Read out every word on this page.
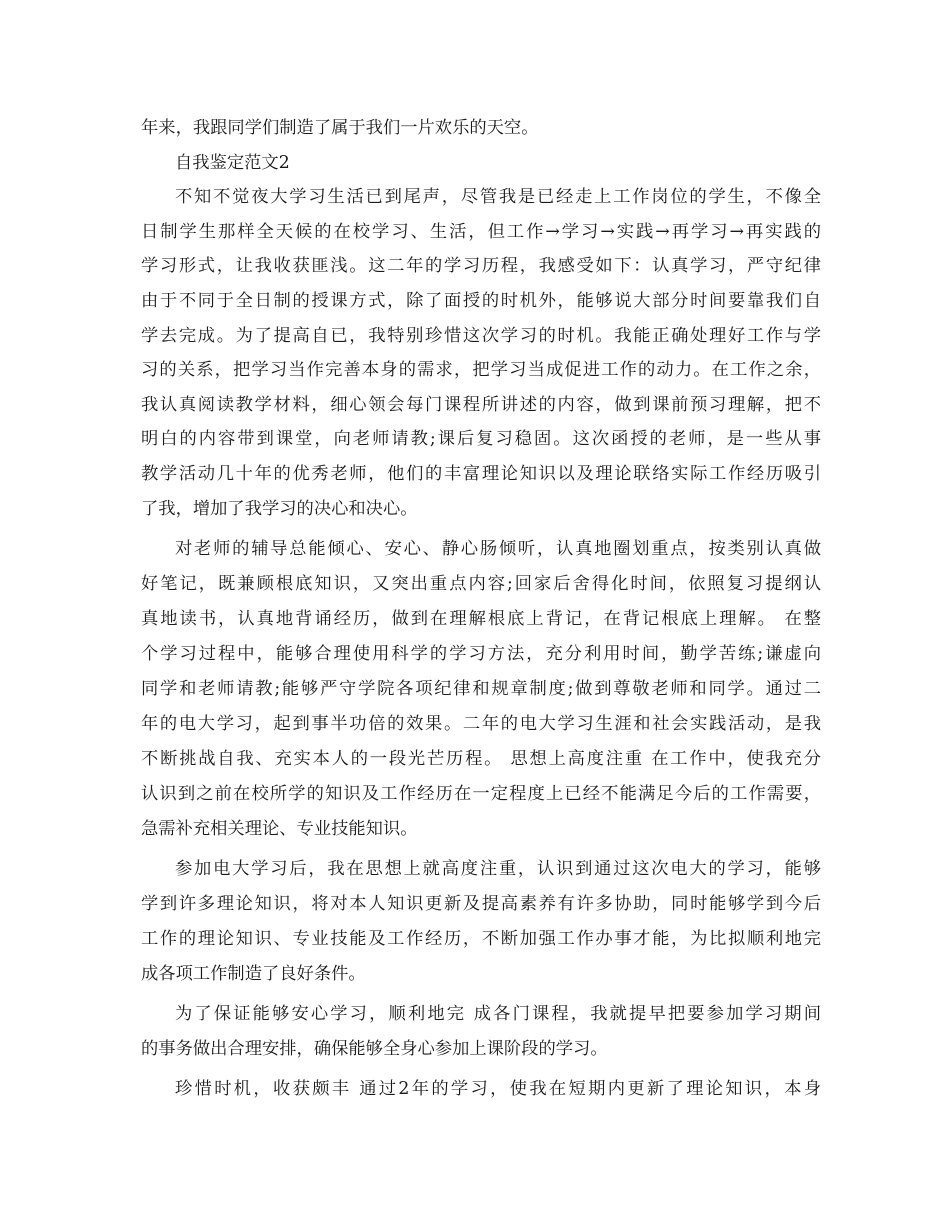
年来，我跟同学们制造了属于我们一片欢乐的天空。
自我鉴定范文2
不知不觉夜大学习生活已到尾声，尽管我是已经走上工作岗位的学生，不像全
日制学生那样全天候的在校学习、生活，但工作→学习→实践→再学习→再实践的
学习形式，让我收获匪浅。这二年的学习历程，我感受如下：认真学习，严守纪律
由于不同于全日制的授课方式，除了面授的时机外，能够说大部分时间要靠我们自
学去完成。为了提高自已，我特别珍惜这次学习的时机。我能正确处理好工作与学
习的关系，把学习当作完善本身的需求，把学习当成促进工作的动力。在工作之余，
我认真阅读教学材料，细心领会每门课程所讲述的内容，做到课前预习理解，把不
明白的内容带到课堂，向老师请教;课后复习稳固。这次函授的老师，是一些从事
教学活动几十年的优秀老师，他们的丰富理论知识以及理论联络实际工作经历吸引
了我，增加了我学习的决心和决心。
对老师的辅导总能倾心、安心、静心肠倾听，认真地圈划重点，按类别认真做
好笔记，既兼顾根底知识，又突出重点内容;回家后舍得化时间，依照复习提纲认
真地读书，认真地背诵经历，做到在理解根底上背记，在背记根底上理解。 在整
个学习过程中，能够合理使用科学的学习方法，充分利用时间，勤学苦练;谦虚向
同学和老师请教;能够严守学院各项纪律和规章制度;做到尊敬老师和同学。通过二
年的电大学习，起到事半功倍的效果。二年的电大学习生涯和社会实践活动，是我
不断挑战自我、充实本人的一段光芒历程。 思想上高度注重 在工作中，使我充分
认识到之前在校所学的知识及工作经历在一定程度上已经不能满足今后的工作需要，
急需补充相关理论、专业技能知识。
参加电大学习后，我在思想上就高度注重，认识到通过这次电大的学习，能够
学到许多理论知识，将对本人知识更新及提高素养有许多协助，同时能够学到今后
工作的理论知识、专业技能及工作经历，不断加强工作办事才能，为比拟顺利地完
成各项工作制造了良好条件。
为了保证能够安心学习，顺利地完 成各门课程，我就提早把要参加学习期间
的事务做出合理安排，确保能够全身心参加上课阶段的学习。
珍惜时机，收获颇丰 通过2年的学习，使我在短期内更新了理论知识，本身
